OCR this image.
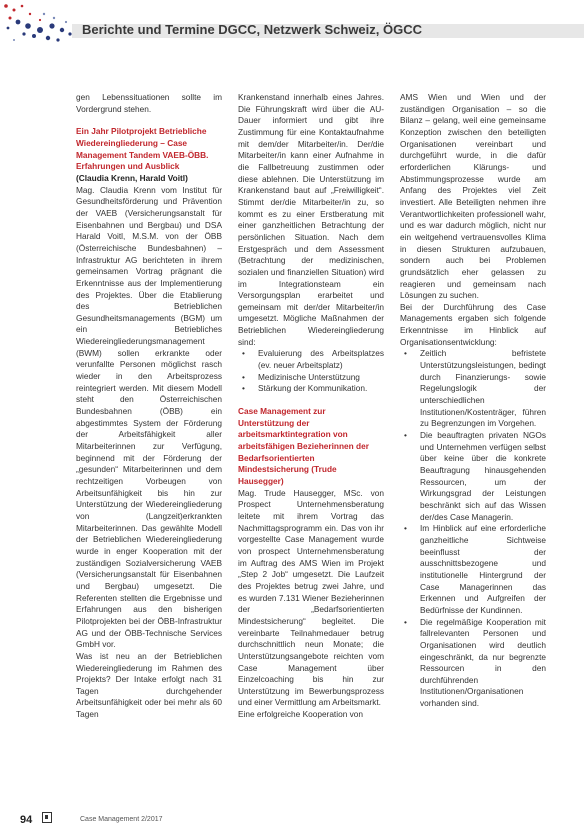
Berichte und Termine DGCC, Netzwerk Schweiz, ÖGCC

gen Lebenssituationen sollte im Vordergrund stehen.

Ein Jahr Pilotprojekt Betriebliche Wiedereingliederung – Case Management Tandem VAEB-ÖBB. Erfahrungen und Ausblick
(Claudia Krenn, Harald Voitl)

Mag. Claudia Krenn vom Institut für Gesundheitsförderung und Prävention der VAEB (Versicherungsanstalt für Eisenbahnen und Bergbau) und DSA Harald Voitl, M.S.M. von der ÖBB (Österreichische Bundesbahnen) – Infrastruktur AG berichteten in ihrem gemeinsamen Vortrag prägnant die Erkenntnisse aus der Implementierung des Projektes. Über die Etablierung des Betrieblichen Gesundheitsmanagements (BGM) um ein Betriebliches Wiedereingliederungsmanagement (BWM) sollen erkrankte oder verunfallte Personen möglichst rasch wieder in den Arbeitsprozess reintegriert werden. Mit diesem Modell steht den Österreichischen Bundesbahnen (ÖBB) ein abgestimmtes System der Förderung der Arbeitsfähigkeit aller Mitarbeiterinnen zur Verfügung, beginnend mit der Förderung der „gesunden“ Mitarbeiterinnen und dem rechtzeitigen Vorbeugen von Arbeitsunfähigkeit bis hin zur Unterstützung der Wiedereingliederung von (Langzeit)erkrankten Mitarbeiterinnen. Das gewählte Modell der Betrieblichen Wiedereingliederung wurde in enger Kooperation mit der zuständigen Sozialversicherung VAEB (Versicherungsanstalt für Eisenbahnen und Bergbau) umgesetzt. Die Referenten stellten die Ergebnisse und Erfahrungen aus den bisherigen Pilotprojekten bei der ÖBB-Infrastruktur AG und der ÖBB-Technische Services GmbH vor.

Was ist neu an der Betrieblichen Wiedereingliederung im Rahmen des Projekts? Der Intake erfolgt nach 31 Tagen durchgehender Arbeitsunfähigkeit oder bei mehr als 60 Tagen

Krankenstand innerhalb eines Jahres. Die Führungskraft wird über die AU-Dauer informiert und gibt ihre Zustimmung für eine Kontaktaufnahme mit dem/der Mitarbeiter/in. Der/die Mitarbeiter/in kann einer Aufnahme in die Fallbetreuung zustimmen oder diese ablehnen. Die Unterstützung im Krankenstand baut auf „Freiwilligkeit“. Stimmt der/die Mitarbeiter/in zu, so kommt es zu einer Erstberatung mit einer ganzheitlichen Betrachtung der persönlichen Situation. Nach dem Erstgespräch und dem Assessment (Betrachtung der medizinischen, sozialen und finanziellen Situation) wird im Integrationsteam ein Versorgungsplan erarbeitet und gemeinsam mit der/der Mitarbeiter/in umgesetzt. Mögliche Maßnahmen der Betrieblichen Wiedereingliederung sind:

• Evaluierung des Arbeitsplatzes (ev. neuer Arbeitsplatz)
• Medizinische Unterstützung
• Stärkung der Kommunikation.
Case Management zur Unterstützung der arbeitsmarktintegration von arbeitsfähigen Bezieherinnen der Bedarfsorientierten Mindestsicherung (Trude Hausegger)

Mag. Trude Hausegger, MSc. von Prospect Unternehmensberatung leitete mit ihrem Vortrag das Nachmittagsprogramm ein. Das von ihr vorgestellte Case Management wurde von prospect Unternehmensberatung im Auftrag des AMS Wien im Projekt „Step 2 Job“ umgesetzt. Die Laufzeit des Projektes betrug zwei Jahre, und es wurden 7.131 Wiener Bezieherinnen der „Bedarfsorientierten Mindestsicherung“ begleitet. Die vereinbarte Teilnahmedauer betrug durchschnittlich neun Monate; die Unterstützungsangebote reichten vom Case Management über Einzelcoaching bis hin zur Unterstützung im Bewerbungsprozess und einer Vermittlung am Arbeitsmarkt.

Eine erfolgreiche Kooperation von

AMS Wien und Wien und der zuständigen Organisation – so die Bilanz – gelang, weil eine gemeinsame Konzeption zwischen den beteiligten Organisationen vereinbart und durchgeführt wurde, in die dafür erforderlichen Klärungs- und Abstimmungsprozesse wurde am Anfang des Projektes viel Zeit investiert. Alle Beteiligten nehmen ihre Verantwortlichkeiten professionell wahr, und es war dadurch möglich, nicht nur ein weitgehend vertrauensvolles Klima in diesen Strukturen aufzubauen, sondern auch bei Problemen grundsätzlich eher gelassen zu reagieren und gemeinsam nach Lösungen zu suchen.

Bei der Durchführung des Case Managements ergaben sich folgende Erkenntnisse im Hinblick auf Organisationsentwicklung:

• Zeitlich befristete Unterstützungsleistungen, bedingt durch Finanzierungs- sowie Regelungslogik der unterschiedlichen Institutionen/Kostenträger, führen zu Begrenzungen im Vorgehen.
• Die beauftragten privaten NGOs und Unternehmen verfügen selbst über keine über die konkrete Beauftragung hinausgehenden Ressourcen, um der Wirkungsgrad der Leistungen beschränkt sich auf das Wissen der/des Case Managerin.
• Im Hinblick auf eine erforderliche ganzheitliche Sichtweise beeinflusst der ausschnittsbezogene und institutionelle Hintergrund der Case Managerinnen das Erkennen und Aufgreifen der Bedürfnisse der Kundinnen.
• Die regelmäßige Kooperation mit fallrelevanten Personen und Organisationen wird deutlich eingeschränkt, da nur begrenzte Ressourcen in den durchführenden Institutionen/Organisationen vorhanden sind.
94	Case Management 2/2017
